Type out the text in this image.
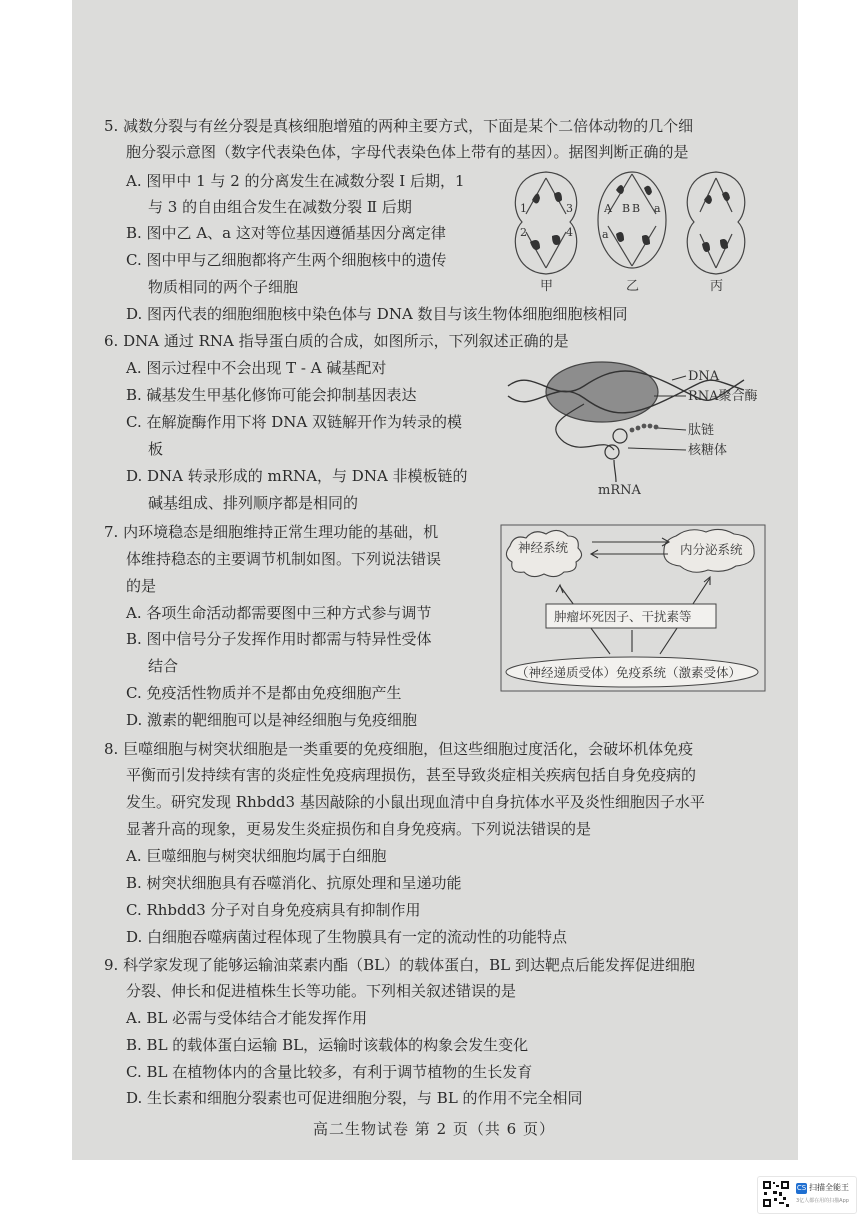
5. 减数分裂与有丝分裂是真核细胞增殖的两种主要方式，下面是某个二倍体动物的几个细
胞分裂示意图（数字代表染色体，字母代表染色体上带有的基因）。据图判断正确的是
A. 图甲中 1 与 2 的分离发生在减数分裂 Ⅰ 后期，1
与 3 的自由组合发生在减数分裂 Ⅱ 后期
B. 图中乙 A、a 这对等位基因遵循基因分离定律
C. 图中甲与乙细胞都将产生两个细胞核中的遗传
物质相同的两个子细胞
D. 图丙代表的细胞细胞核中染色体与 DNA 数目与该生物体细胞细胞核相同
1	3
2	4
A B B a
a
甲	乙	丙
6. DNA 通过 RNA 指导蛋白质的合成，如图所示，下列叙述正确的是
A. 图示过程中不会出现 T - A 碱基配对
B. 碱基发生甲基化修饰可能会抑制基因表达
C. 在解旋酶作用下将 DNA 双链解开作为转录的模
板
D. DNA 转录形成的 mRNA，与 DNA 非模板链的
碱基组成、排列顺序都是相同的
DNA
RNA聚合酶
肽链
核糖体
mRNA
7. 内环境稳态是细胞维持正常生理功能的基础，机
体维持稳态的主要调节机制如图。下列说法错误
的是
A. 各项生命活动都需要图中三种方式参与调节
B. 图中信号分子发挥作用时都需与特异性受体
结合
C. 免疫活性物质并不是都由免疫细胞产生
D. 激素的靶细胞可以是神经细胞与免疫细胞
神经系统	内分泌系统
肿瘤坏死因子、干扰素等
（神经递质受体）免疫系统（激素受体）
8. 巨噬细胞与树突状细胞是一类重要的免疫细胞，但这些细胞过度活化，会破坏机体免疫
平衡而引发持续有害的炎症性免疫病理损伤，甚至导致炎症相关疾病包括自身免疫病的
发生。研究发现 Rhbdd3 基因敲除的小鼠出现血清中自身抗体水平及炎性细胞因子水平
显著升高的现象，更易发生炎症损伤和自身免疫病。下列说法错误的是
A. 巨噬细胞与树突状细胞均属于白细胞
B. 树突状细胞具有吞噬消化、抗原处理和呈递功能
C. Rhbdd3 分子对自身免疫病具有抑制作用
D. 白细胞吞噬病菌过程体现了生物膜具有一定的流动性的功能特点
9. 科学家发现了能够运输油菜素内酯（BL）的载体蛋白，BL 到达靶点后能发挥促进细胞
分裂、伸长和促进植株生长等功能。下列相关叙述错误的是
A. BL 必需与受体结合才能发挥作用
B. BL 的载体蛋白运输 BL，运输时该载体的构象会发生变化
C. BL 在植物体内的含量比较多，有利于调节植物的生长发育
D. 生长素和细胞分裂素也可促进细胞分裂，与 BL 的作用不完全相同
高二生物试卷 第 2 页（共 6 页）
CS 扫描全能王
3亿人都在用的扫描App
